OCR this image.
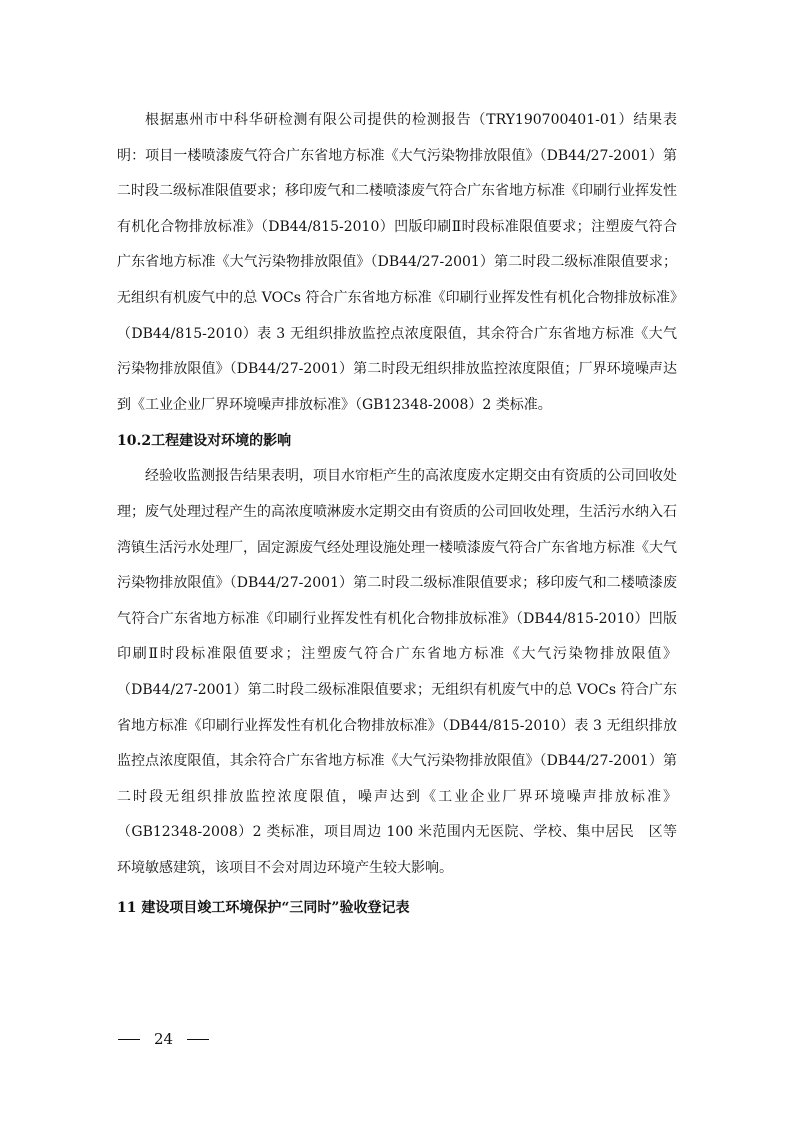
根据惠州市中科华研检测有限公司提供的检测报告（TRY190700401-01）结果表明：项目一楼喷漆废气符合广东省地方标准《大气污染物排放限值》（DB44/27-2001）第二时段二级标准限值要求；移印废气和二楼喷漆废气符合广东省地方标准《印刷行业挥发性有机化合物排放标准》（DB44/815-2010）凹版印刷Ⅱ时段标准限值要求；注塑废气符合广东省地方标准《大气污染物排放限值》（DB44/27-2001）第二时段二级标准限值要求；无组织有机废气中的总 VOCs 符合广东省地方标准《印刷行业挥发性有机化合物排放标准》（DB44/815-2010）表 3 无组织排放监控点浓度限值，其余符合广东省地方标准《大气污染物排放限值》（DB44/27-2001）第二时段无组织排放监控浓度限值；厂界环境噪声达到《工业企业厂界环境噪声排放标准》（GB12348-2008）2 类标准。

10.2工程建设对环境的影响

经验收监测报告结果表明，项目水帘柜产生的高浓度废水定期交由有资质的公司回收处理；废气处理过程产生的高浓度喷淋废水定期交由有资质的公司回收处理，生活污水纳入石湾镇生活污水处理厂，固定源废气经处理设施处理一楼喷漆废气符合广东省地方标准《大气污染物排放限值》（DB44/27-2001）第二时段二级标准限值要求；移印废气和二楼喷漆废气符合广东省地方标准《印刷行业挥发性有机化合物排放标准》（DB44/815-2010）凹版印刷Ⅱ时段标准限值要求；注塑废气符合广东省地方标准《大气污染物排放限值》（DB44/27-2001）第二时段二级标准限值要求；无组织有机废气中的总 VOCs 符合广东省地方标准《印刷行业挥发性有机化合物排放标准》（DB44/815-2010）表 3 无组织排放监控点浓度限值，其余符合广东省地方标准《大气污染物排放限值》（DB44/27-2001）第二时段无组织排放监控浓度限值，噪声达到《工业企业厂界环境噪声排放标准》（GB12348-2008）2 类标准，项目周边 100 米范围内无医院、学校、集中居民　区等环境敏感建筑，该项目不会对周边环境产生较大影响。

11 建设项目竣工环境保护“三同时”验收登记表

24
